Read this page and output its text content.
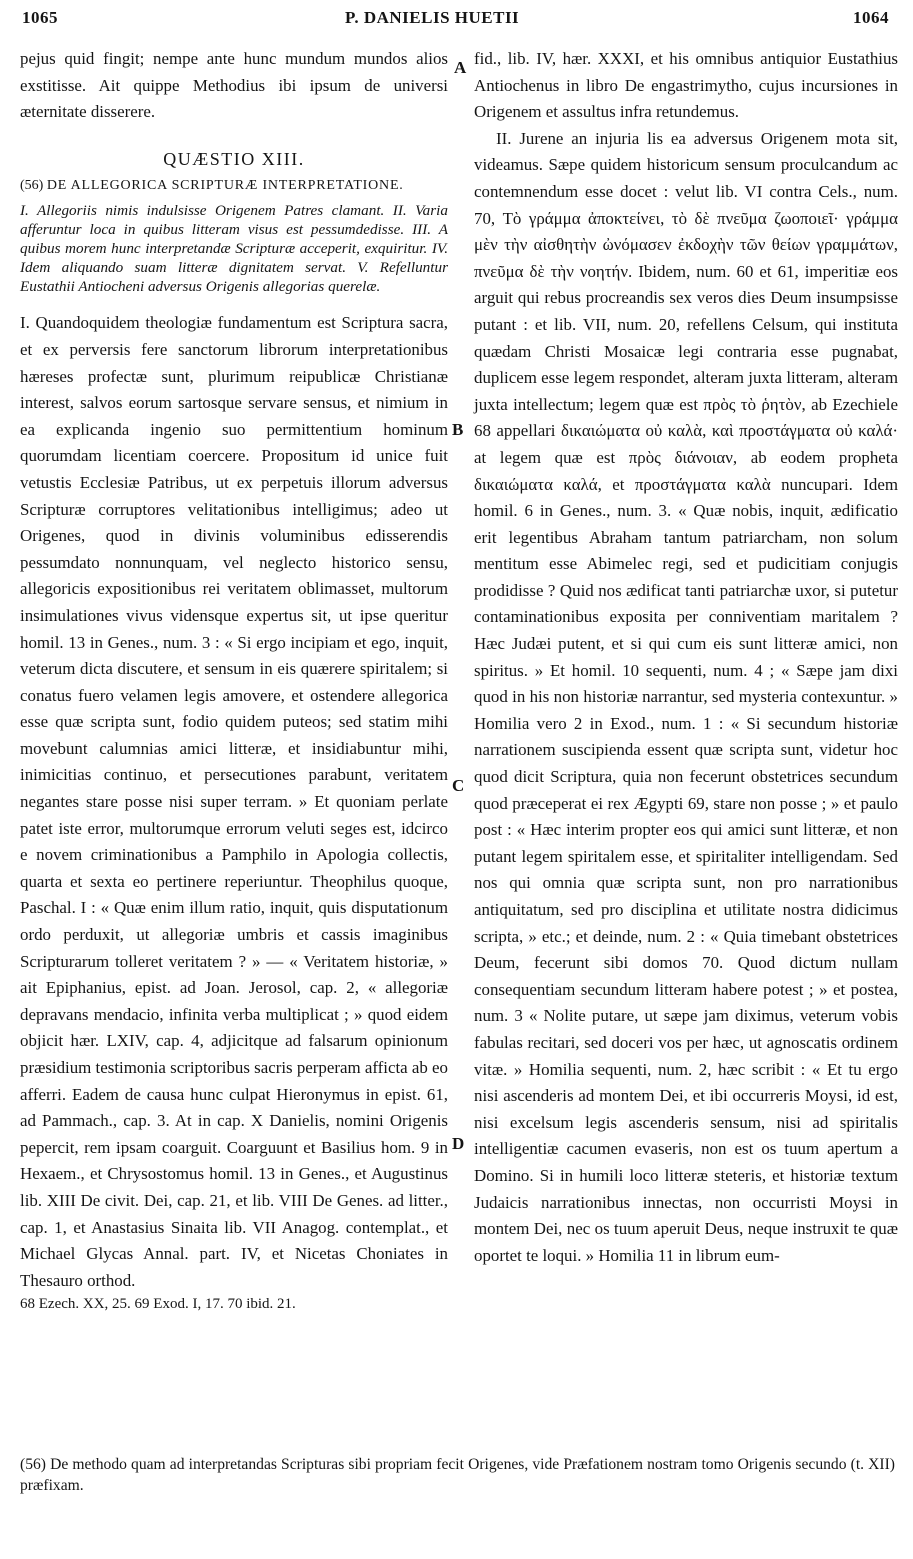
1065	P. DANIELIS HUETII	1064

pejus quid fingit; nempe ante hunc mundum mundos alios exstitisse. Ait quippe Methodius ibi ipsum de universi æternitate disserere.

QUÆSTIO XIII.
(56) DE ALLEGORICA SCRIPTURÆ INTERPRETATIONE.
I. Allegoriis nimis indulsisse Origenem Patres clamant. II. Varia afferuntur loca in quibus litteram visus est pessumdedisse. III. A quibus morem hunc interpretandæ Scripturæ acceperit, exquiritur. IV. Idem aliquando suam litteræ dignitatem servat. V. Refelluntur Eustathii Antiocheni adversus Origenis allegorias querelæ.

I. Quandoquidem theologiæ fundamentum est Scriptura sacra, et ex perversis fere sanctorum librorum interpretationibus hæreses profectæ sunt, plurimum reipublicæ Christianæ interest, salvos eorum sartosque servare sensus, et nimium in ea explicanda ingenio suo permittentium hominum quorumdam licentiam coercere. Propositum id unice fuit vetustis Ecclesiæ Patribus, ut ex perpetuis illorum adversus Scripturæ corruptores velitationibus intelligimus; adeo ut Origenes, quod in divinis voluminibus edisserendis pessumdato nonnunquam, vel neglecto historico sensu, allegoricis expositionibus rei veritatem oblimasset, multorum insimulationes vivus vidensque expertus sit, ut ipse queritur homil. 13 in Genes., num. 3 : « Si ergo incipiam et ego, inquit, veterum dicta discutere, et sensum in eis quærere spiritalem; si conatus fuero velamen legis amovere, et ostendere allegorica esse quæ scripta sunt, fodio quidem puteos; sed statim mihi movebunt calumnias amici litteræ, et insidiabuntur mihi, inimicitias continuo, et persecutiones parabunt, veritatem negantes stare posse nisi super terram. » Et quoniam perlate patet iste error, multorumque errorum veluti seges est, idcirco e novem criminationibus a Pamphilo in Apologia collectis, quarta et sexta eo pertinere reperiuntur. Theophilus quoque, Paschal. I : « Quæ enim illum ratio, inquit, quis disputationum ordo perduxit, ut allegoriæ umbris et cassis imaginibus Scripturarum tolleret veritatem ? » — « Veritatem historiæ, » ait Epiphanius, epist. ad Joan. Jerosol, cap. 2, « allegoriæ depravans mendacio, infinita verba multiplicat ; » quod eidem objicit hær. LXIV, cap. 4, adjicitque ad falsarum opinionum præsidium testimonia scriptoribus sacris perperam afficta ab eo afferri. Eadem de causa hunc culpat Hieronymus in epist. 61, ad Pammach., cap. 3. At in cap. X Danielis, nomini Origenis pepercit, rem ipsam coarguit. Coarguunt et Basilius hom. 9 in Hexaem., et Chrysostomus homil. 13 in Genes., et Augustinus lib. XIII De civit. Dei, cap. 21, et lib. VIII De Genes. ad litter., cap. 1, et Anastasius Sinaita lib. VII Anagog. contemplat., et Michael Glycas Annal. part. IV, et Nicetas Choniates in Thesauro orthod.

68 Ezech. XX, 25. 69 Exod. I, 17. 70 ibid. 21.

fid., lib. IV, hær. XXXI, et his omnibus antiquior Eustathius Antiochenus in libro De engastrimytho, cujus incursiones in Origenem et assultus infra retundemus.

II. Jurene an injuria lis ea adversus Origenem mota sit, videamus. Sæpe quidem historicum sensum proculcandum ac contemnendum esse docet : velut lib. VI contra Cels., num. 70, Τὸ γράμμα ἀποκτείνει, τὸ δὲ πνεῦμα ζωοποιεῖ· γράμμα μὲν τὴν αἰσθητὴν ὠνόμασεν ἐκδοχὴν τῶν θείων γραμμάτων, πνεῦμα δὲ τὴν νοητήν. Ibidem, num. 60 et 61, imperitiæ eos arguit qui rebus procreandis sex veros dies Deum insumpsisse putant : et lib. VII, num. 20, refellens Celsum, qui instituta quædam Christi Mosaicæ legi contraria esse pugnabat, duplicem esse legem respondet, alteram juxta litteram, alteram juxta intellectum; legem quæ est πρὸς τὸ ῥητὸν, ab Ezechiele 68 appellari δικαιώματα οὐ καλὰ, καὶ προστάγματα οὐ καλά· at legem quæ est πρὸς διάνοιαν, ab eodem propheta δικαιώματα καλά, et προστάγματα καλὰ nuncupari. Idem homil. 6 in Genes., num. 3. « Quæ nobis, inquit, ædificatio erit legentibus Abraham tantum patriarcham, non solum mentitum esse Abimelec regi, sed et pudicitiam conjugis prodidisse ? Quid nos ædificat tanti patriarchæ uxor, si putetur contaminationibus exposita per conniventiam maritalem ? Hæc Judæi putent, et si qui cum eis sunt litteræ amici, non spiritus. » Et homil. 10 sequenti, num. 4 ; « Sæpe jam dixi quod in his non historiæ narrantur, sed mysteria contexuntur. » Homilia vero 2 in Exod., num. 1 : « Si secundum historiæ narrationem suscipienda essent quæ scripta sunt, videtur hoc quod dicit Scriptura, quia non fecerunt obstetrices secundum quod præceperat ei rex Ægypti 69, stare non posse ; » et paulo post : « Hæc interim propter eos qui amici sunt litteræ, et non putant legem spiritalem esse, et spiritaliter intelligendam. Sed nos qui omnia quæ scripta sunt, non pro narrationibus antiquitatum, sed pro disciplina et utilitate nostra didicimus scripta, » etc.; et deinde, num. 2 : « Quia timebant obstetrices Deum, fecerunt sibi domos 70. Quod dictum nullam consequentiam secundum litteram habere potest ; » et postea, num. 3 « Nolite putare, ut sæpe jam diximus, veterum vobis fabulas recitari, sed doceri vos per hæc, ut agnoscatis ordinem vitæ. » Homilia sequenti, num. 2, hæc scribit : « Et tu ergo nisi ascenderis ad montem Dei, et ibi occurreris Moysi, id est, nisi excelsum legis ascenderis sensum, nisi ad spiritalis intelligentiæ cacumen evaseris, non est os tuum apertum a Domino. Si in humili loco litteræ steteris, et historiæ textum Judaicis narrationibus innectas, non occurristi Moysi in montem Dei, nec os tuum aperuit Deus, neque instruxit te quæ oportet te loqui. » Homilia 11 in librum eum-

A
B
C
D
(56) De methodo quam ad interpretandas Scripturas sibi propriam fecit Origenes, vide Præfationem nostram tomo Origenis secundo (t. XII) præfixam.
